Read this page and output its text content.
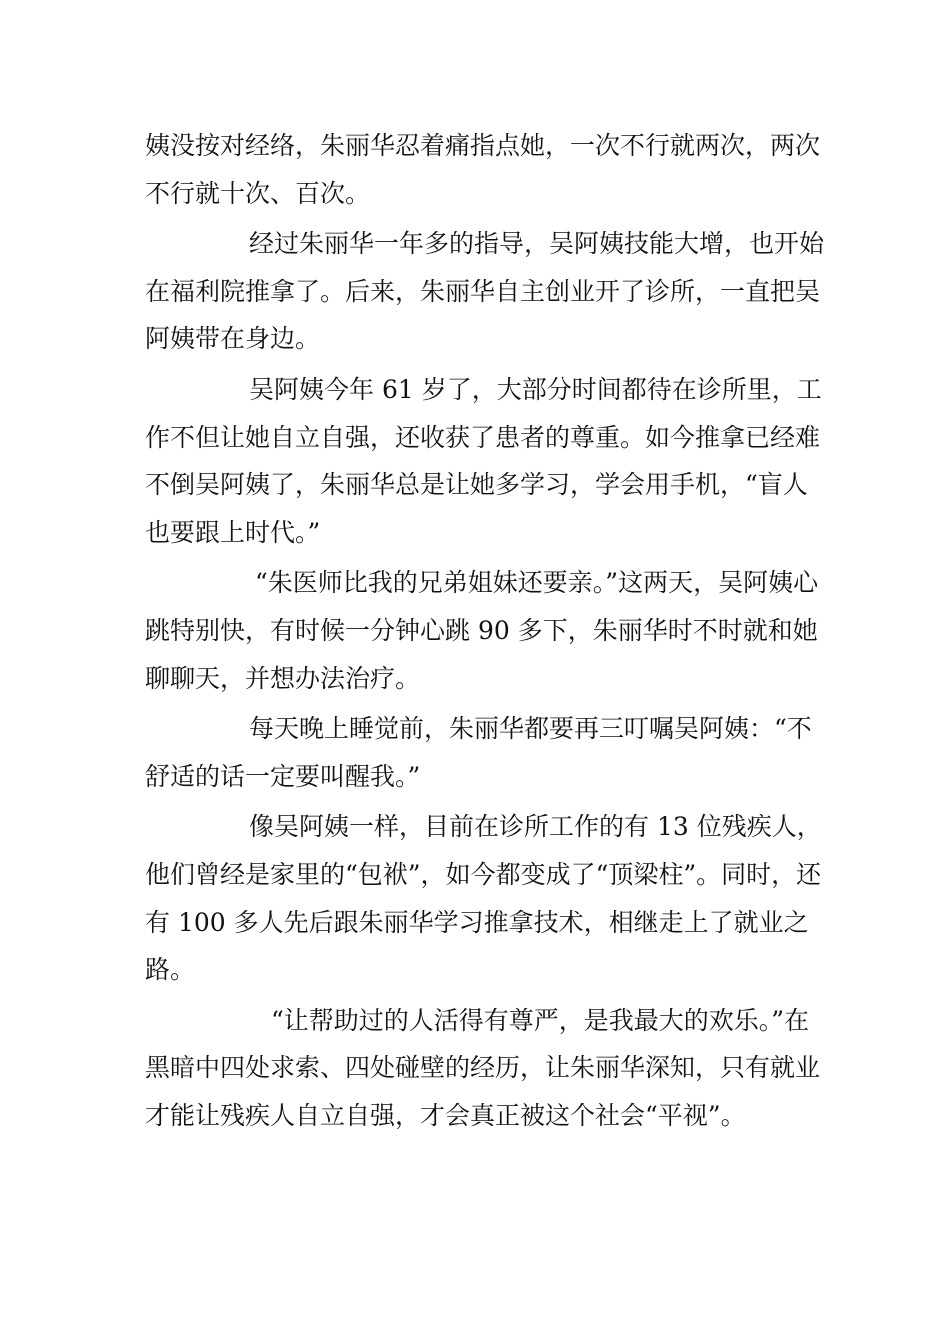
姨没按对经络，朱丽华忍着痛指点她，一次不行就两次，两次不行就十次、百次。

经过朱丽华一年多的指导，吴阿姨技能大增，也开始在福利院推拿了。后来，朱丽华自主创业开了诊所，一直把吴阿姨带在身边。

吴阿姨今年 61 岁了，大部分时间都待在诊所里，工作不但让她自立自强，还收获了患者的尊重。如今推拿已经难不倒吴阿姨了，朱丽华总是让她多学习，学会用手机，“盲人也要跟上时代。”

“朱医师比我的兄弟姐妹还要亲。”这两天，吴阿姨心跳特别快，有时候一分钟心跳 90 多下，朱丽华时不时就和她聊聊天，并想办法治疗。

每天晚上睡觉前，朱丽华都要再三叮嘱吴阿姨：“不舒适的话一定要叫醒我。”

像吴阿姨一样，目前在诊所工作的有 13 位残疾人，他们曾经是家里的“包袱”，如今都变成了“顶梁柱”。同时，还有 100 多人先后跟朱丽华学习推拿技术，相继走上了就业之路。

“让帮助过的人活得有尊严，是我最大的欢乐。”在黑暗中四处求索、四处碰壁的经历，让朱丽华深知，只有就业才能让残疾人自立自强，才会真正被这个社会“平视”。
